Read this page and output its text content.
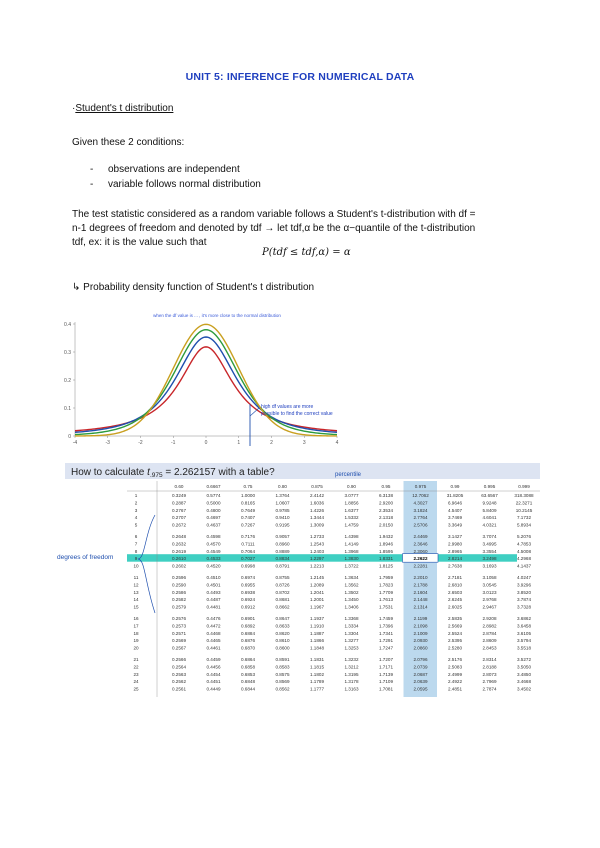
UNIT 5: INFERENCE FOR NUMERICAL DATA
·Student's t distribution
Given these 2 conditions:
- observations are independent
- variable follows normal distribution
The test statistic considered as a random variable follows a Student's t-distribution with df =
n-1 degrees of freedom and denoted by tdf → let tdf,α be the α−quantile of the t-distribution
tdf, ex: it is the value such that
P(tdf ≤ tdf,α) = α
↳ Probability density function of Student's t distribution
when the df value is ... , it's more close to the normal distribution
0.4
0.3
0.2
0.1
0
-4	-3	-2	-1	0	1	2	3	4
high df values are more
possible to find the correct value
How to calculate $t_{.975} = 2.262157$ with a table?	percentile
0.60	0.6667	0.75	0.80	0.875	0.90	0.95	0.975	0.99	0.995	0.999
1	0.3249	0.5774	1.0000	1.3764	2.4142	3.0777	6.3138	12.7062	31.8205	63.6567	318.3088
2	0.2887	0.5000	0.8165	1.0607	1.6036	1.8856	2.9200	4.3027	6.9646	9.9248	22.3271
3	0.2767	0.4800	0.7649	0.9785	1.4226	1.6377	2.3534	3.1824	4.5407	5.8409	10.2145
4	0.2707	0.4697	0.7407	0.9410	1.3444	1.5332	2.1318	2.7764	3.7469	4.6041	7.1732
5	0.2672	0.4637	0.7267	0.9195	1.3009	1.4759	2.0150	2.5706	3.3649	4.0321	5.8934
6	0.2648	0.4598	0.7176	0.9057	1.2733	1.4398	1.9432	2.4469	3.1427	3.7074	5.2076
7	0.2632	0.4570	0.7111	0.8960	1.2543	1.4149	1.8946	2.3646	2.9980	3.4995	4.7853
8	0.2619	0.4549	0.7064	0.8889	1.2403	1.3968	1.8595	2.3060	2.8965	3.3554	4.5008
9	0.2610	0.4533	0.7027	0.8834	1.2297	1.3830	1.8331	2.2622	2.8214	3.2498	4.2968
10	0.2602	0.4520	0.6998	0.8791	1.2213	1.3722	1.8125	2.2281	2.7638	3.1693	4.1437
11	0.2596	0.4510	0.6974	0.8755	1.2145	1.3634	1.7959	2.2010	2.7181	3.1058	4.0247
12	0.2590	0.4501	0.6955	0.8726	1.2089	1.3562	1.7823	2.1788	2.6810	3.0545	3.9296
13	0.2586	0.4493	0.6938	0.8702	1.2041	1.3502	1.7709	2.1604	2.6503	3.0123	3.8520
14	0.2582	0.4487	0.6924	0.8681	1.2001	1.3450	1.7613	2.1448	2.6245	2.9768	3.7874
15	0.2579	0.4481	0.6912	0.8662	1.1967	1.3406	1.7531	2.1314	2.6025	2.9467	3.7328
16	0.2576	0.4476	0.6901	0.8647	1.1937	1.3368	1.7459	2.1199	2.5835	2.9208	3.6862
17	0.2573	0.4472	0.6892	0.8633	1.1910	1.3334	1.7396	2.1098	2.5669	2.8982	3.6458
18	0.2571	0.4468	0.6884	0.8620	1.1887	1.3304	1.7341	2.1009	2.5524	2.8784	3.6105
19	0.2569	0.4465	0.6876	0.8610	1.1866	1.3277	1.7291	2.0930	2.5395	2.8609	3.5794
20	0.2567	0.4461	0.6870	0.8600	1.1848	1.3253	1.7247	2.0860	2.5280	2.8453	3.5518
21	0.2566	0.4459	0.6864	0.8591	1.1831	1.3232	1.7207	2.0796	2.5176	2.8314	3.5272
22	0.2564	0.4456	0.6858	0.8583	1.1815	1.3212	1.7171	2.0739	2.5083	2.8188	3.5050
23	0.2563	0.4454	0.6853	0.8575	1.1802	1.3195	1.7139	2.0687	2.4999	2.8073	3.4850
24	0.2562	0.4451	0.6848	0.8569	1.1789	1.3178	1.7109	2.0639	2.4922	2.7969	3.4668
25	0.2561	0.4449	0.6844	0.8562	1.1777	1.3163	1.7081	2.0595	2.4851	2.7874	3.4502
degrees of freedom
